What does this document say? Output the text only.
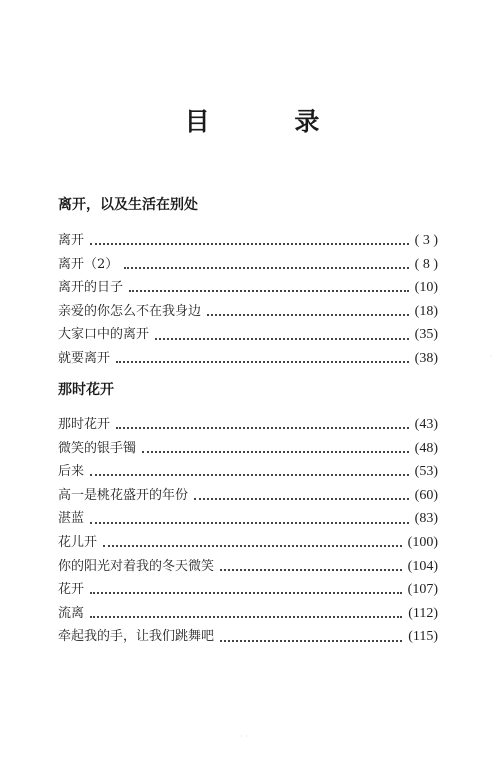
目 录
离开，以及生活在别处
离开	( 3 )
离开（2）	( 8 )
离开的日子	(10)
亲爱的你怎么不在我身边	(18)
大家口中的离开	(35)
就要离开	(38)
那时花开
那时花开	(43)
微笑的银手镯	(48)
后来	(53)
高一是桃花盛开的年份	(60)
湛蓝	(83)
花儿开	(100)
你的阳光对着我的冬天微笑	(104)
花开	(107)
流离	(112)
牵起我的手，让我们跳舞吧	(115)
·
· ·
